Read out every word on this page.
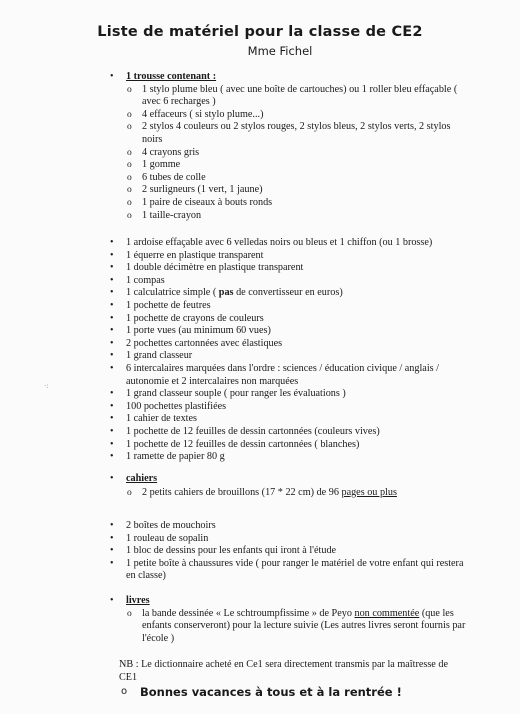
Liste de matériel pour la classe de CE2
Mme Fichel
·:
• 1 trousse contenant :
o 1 stylo plume bleu ( avec une boîte de cartouches) ou 1 roller bleu effaçable (
avec 6 recharges )
o 4 effaceurs ( si stylo plume...)
o 2 stylos 4 couleurs ou 2 stylos rouges, 2 stylos bleus, 2 stylos verts, 2 stylos
noirs
o 4 crayons gris
o 1 gomme
o 6 tubes de colle
o 2 surligneurs (1 vert, 1 jaune)
o 1 paire de ciseaux à bouts ronds
o 1 taille-crayon
• 1 ardoise effaçable avec 6 velledas noirs ou bleus et 1 chiffon (ou 1 brosse)
• 1 équerre en plastique transparent
• 1 double décimètre en plastique transparent
• 1 compas
• 1 calculatrice simple ( pas de convertisseur en euros)
• 1 pochette de feutres
• 1 pochette de crayons de couleurs
• 1 porte vues (au minimum 60 vues)
• 2 pochettes cartonnées avec élastiques
• 1 grand classeur
• 6 intercalaires marquées dans l'ordre : sciences / éducation civique / anglais /
autonomie et 2 intercalaires non marquées
• 1 grand classeur souple ( pour ranger les évaluations )
• 100 pochettes plastifiées
• 1 cahier de textes
• 1 pochette de 12 feuilles de dessin cartonnées (couleurs vives)
• 1 pochette de 12 feuilles de dessin cartonnées ( blanches)
• 1 ramette de papier 80 g
• cahiers
o 2 petits cahiers de brouillons (17 * 22 cm) de 96 pages ou plus
• 2 boîtes de mouchoirs
• 1 rouleau de sopalin
• 1 bloc de dessins pour les enfants qui iront à l'étude
• 1 petite boîte à chaussures vide ( pour ranger le matériel de votre enfant qui restera
en classe)
• livres
o la bande dessinée « Le schtroumpfissime » de Peyo non commentée (que les
enfants conserveront) pour la lecture suivie (Les autres livres seront fournis par
l'école )
NB : Le dictionnaire acheté en Ce1 sera directement transmis par la maîtresse de
CE1
o Bonnes vacances à tous et à la rentrée !
